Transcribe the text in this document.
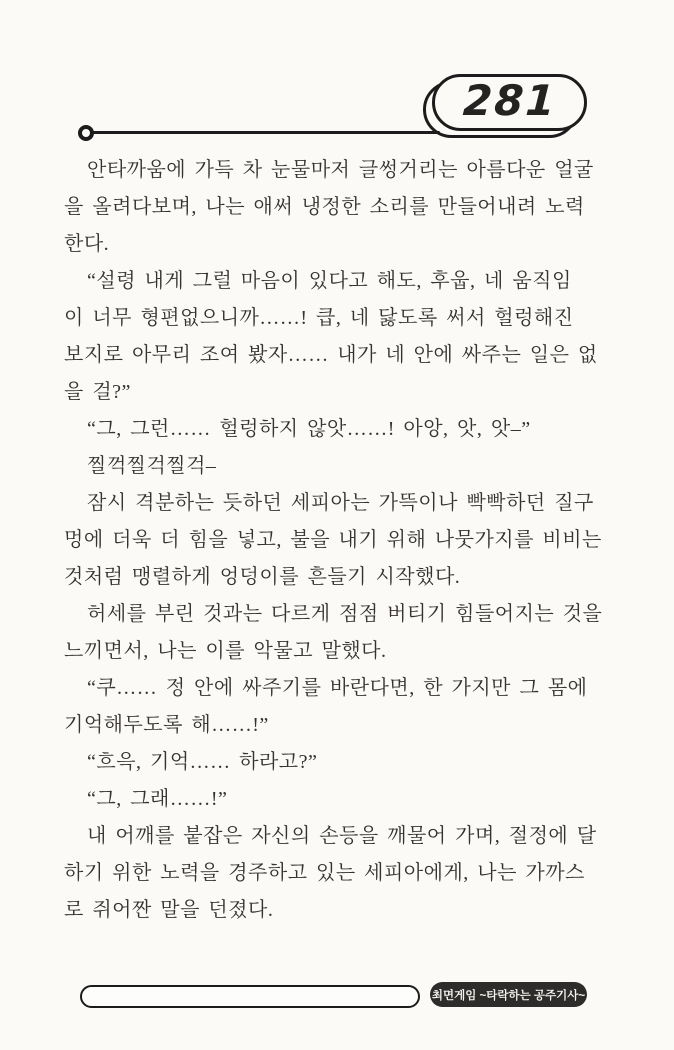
281
안타까움에 가득 차 눈물마저 글썽거리는 아름다운 얼굴
을 올려다보며, 나는 애써 냉정한 소리를 만들어내려 노력
한다.
“설령 내게 그럴 마음이 있다고 해도, 후웁, 네 움직임
이 너무 형편없으니까……! 큽, 네 닳도록 써서 헐렁해진
보지로 아무리 조여 봤자…… 내가 네 안에 싸주는 일은 없
을 걸?”
“그, 그런…… 헐렁하지 않앗……! 아앙, 앗, 앗–”
찔꺽찔걱찔걱–
잠시 격분하는 듯하던 세피아는 가뜩이나 빡빡하던 질구
멍에 더욱 더 힘을 넣고, 불을 내기 위해 나뭇가지를 비비는
것처럼 맹렬하게 엉덩이를 흔들기 시작했다.
허세를 부린 것과는 다르게 점점 버티기 힘들어지는 것을
느끼면서, 나는 이를 악물고 말했다.
“쿠…… 정 안에 싸주기를 바란다면, 한 가지만 그 몸에
기억해두도록 해……!”
“흐윽, 기억…… 하라고?”
“그, 그래……!”
내 어깨를 붙잡은 자신의 손등을 깨물어 가며, 절정에 달
하기 위한 노력을 경주하고 있는 세피아에게, 나는 가까스
로 쥐어짠 말을 던졌다.
최면게임 ~타락하는 공주기사~
